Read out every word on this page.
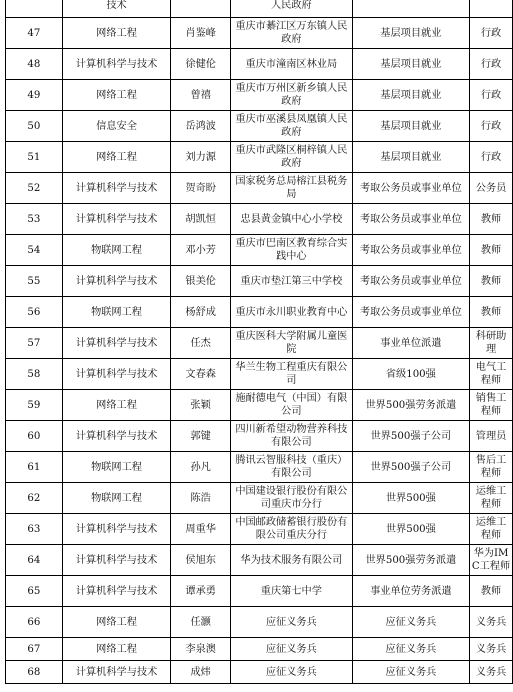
	技术		人民政府		
47	网络工程	肖鉴峰	重庆市綦江区万东镇人民政府	基层项目就业	行政
48	计算机科学与技术	徐健伦	重庆市潼南区林业局	基层项目就业	行政
49	网络工程	曾禧	重庆市万州区新乡镇人民政府	基层项目就业	行政
50	信息安全	岳鸿波	重庆市巫溪县凤凰镇人民政府	基层项目就业	行政
51	网络工程	刘力源	重庆市武隆区桐梓镇人民政府	基层项目就业	行政
52	计算机科学与技术	贺奇盼	国家税务总局榕江县税务局	考取公务员或事业单位	公务员
53	计算机科学与技术	胡凯恒	忠县黄金镇中心小学校	考取公务员或事业单位	教师
54	物联网工程	邓小芳	重庆市巴南区教育综合实践中心	考取公务员或事业单位	教师
55	计算机科学与技术	银美伦	重庆市垫江第三中学校	考取公务员或事业单位	教师
56	物联网工程	杨舒成	重庆市永川职业教育中心	考取公务员或事业单位	教师
57	计算机科学与技术	任杰	重庆医科大学附属儿童医院	事业单位派遣	科研助理
58	计算机科学与技术	文春森	华兰生物工程重庆有限公司	省级100强	电气工程师
59	网络工程	张颖	施耐德电气（中国）有限公司	世界500强劳务派遣	销售工程师
60	计算机科学与技术	郭键	四川新希望动物营养科技有限公司	世界500强子公司	管理员
61	物联网工程	孙凡	腾讯云智服科技（重庆）有限公司	世界500强子公司	售后工程师
62	物联网工程	陈浩	中国建设银行股份有限公司重庆市分行	世界500强	运维工程师
63	计算机科学与技术	周重华	中国邮政储蓄银行股份有限公司重庆分行	世界500强	运维工程师
64	计算机科学与技术	侯旭东	华为技术服务有限公司	世界500强劳务派遣	华为IMC工程师
65	计算机科学与技术	谭承勇	重庆第七中学	事业单位劳务派遣	教师
66	网络工程	任灏	应征义务兵	应征义务兵	义务兵
67	网络工程	李泉澳	应征义务兵	应征义务兵	义务兵
68	计算机科学与技术	成炜	应征义务兵	应征义务兵	义务兵
